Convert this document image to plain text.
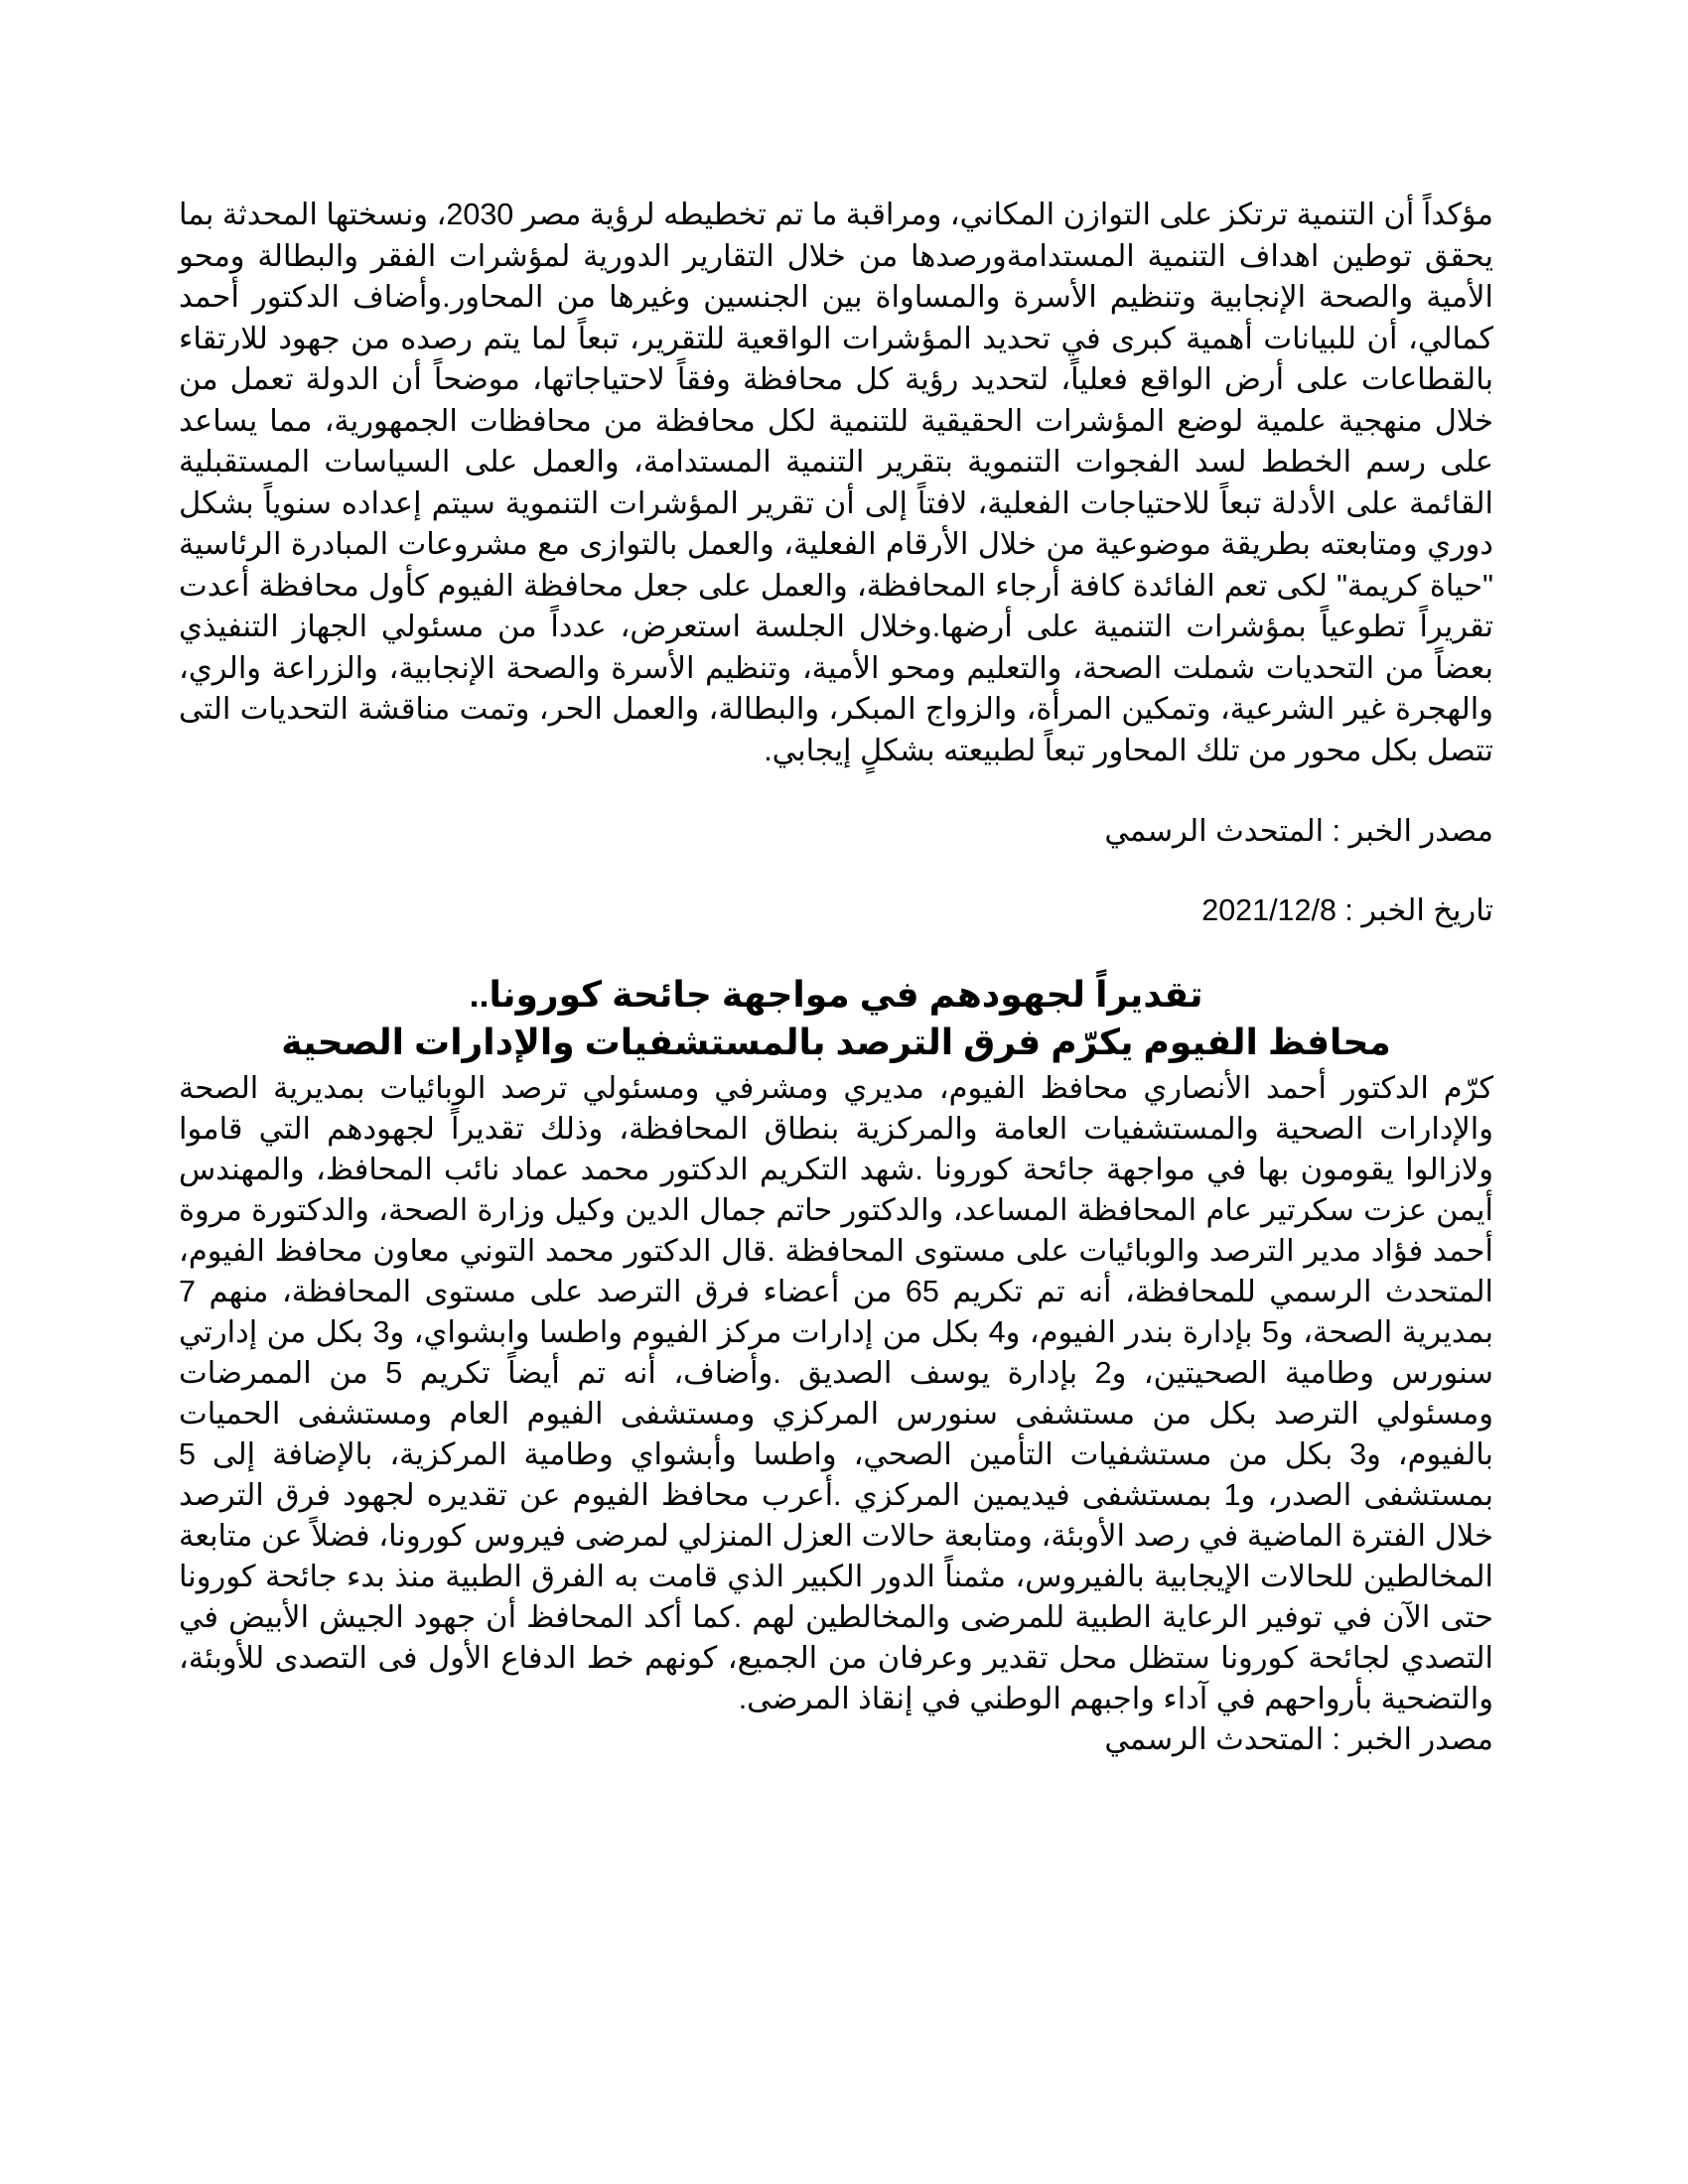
مؤكداً أن التنمية ترتكز على التوازن المكاني، ومراقبة ما تم تخطيطه لرؤية مصر 2030، ونسختها المحدثة بما يحقق توطين اهداف التنمية المستدامةورصدها من خلال التقارير الدورية لمؤشرات الفقر والبطالة ومحو الأمية والصحة الإنجابية وتنظيم الأسرة والمساواة بين الجنسين وغيرها من المحاور.وأضاف الدكتور أحمد كمالي، أن للبيانات أهمية كبرى في تحديد المؤشرات الواقعية للتقرير، تبعاً لما يتم رصده من جهود للارتقاء بالقطاعات على أرض الواقع فعلياً، لتحديد رؤية كل محافظة وفقاً لاحتياجاتها، موضحاً أن الدولة تعمل من خلال منهجية علمية لوضع المؤشرات الحقيقية للتنمية لكل محافظة من محافظات الجمهورية، مما يساعد على رسم الخطط لسد الفجوات التنموية بتقرير التنمية المستدامة، والعمل على السياسات المستقبلية القائمة على الأدلة تبعاً للاحتياجات الفعلية، لافتاً إلى أن تقرير المؤشرات التنموية سيتم إعداده سنوياً بشكل دوري ومتابعته بطريقة موضوعية من خلال الأرقام الفعلية، والعمل بالتوازى مع مشروعات المبادرة الرئاسية "حياة كريمة" لكى تعم الفائدة كافة أرجاء المحافظة، والعمل على جعل محافظة الفيوم كأول محافظة أعدت تقريراً تطوعياً بمؤشرات التنمية على أرضها.وخلال الجلسة استعرض، عدداً من مسئولي الجهاز التنفيذي بعضاً من التحديات شملت الصحة، والتعليم ومحو الأمية، وتنظيم الأسرة والصحة الإنجابية، والزراعة والري، والهجرة غير الشرعية، وتمكين المرأة، والزواج المبكر، والبطالة، والعمل الحر، وتمت مناقشة التحديات التى تتصل بكل محور من تلك المحاور تبعاً لطبيعته بشكلٍ إيجابي.

مصدر الخبر : المتحدث الرسمي

تاريخ الخبر : 2021/12/8

تقديراً لجهودهم في مواجهة جائحة كورونا..
محافظ الفيوم يكرّم فرق الترصد بالمستشفيات والإدارات الصحية

كرّم الدكتور أحمد الأنصاري محافظ الفيوم، مديري ومشرفي ومسئولي ترصد الوبائيات بمديرية الصحة والإدارات الصحية والمستشفيات العامة والمركزية بنطاق المحافظة، وذلك تقديراً لجهودهم التي قاموا ولازالوا يقومون بها في مواجهة جائحة كورونا .شهد التكريم الدكتور محمد عماد نائب المحافظ، والمهندس أيمن عزت سكرتير عام المحافظة المساعد، والدكتور حاتم جمال الدين وكيل وزارة الصحة، والدكتورة مروة أحمد فؤاد مدير الترصد والوبائيات على مستوى المحافظة .قال الدكتور محمد التوني معاون محافظ الفيوم، المتحدث الرسمي للمحافظة، أنه تم تكريم 65 من أعضاء فرق الترصد على مستوى المحافظة، منهم 7 بمديرية الصحة، و5 بإدارة بندر الفيوم، و4 بكل من إدارات مركز الفيوم واطسا وابشواي، و3 بكل من إدارتي سنورس وطامية الصحيتين، و2 بإدارة يوسف الصديق .وأضاف، أنه تم أيضاً تكريم 5 من الممرضات ومسئولي الترصد بكل من مستشفى سنورس المركزي ومستشفى الفيوم العام ومستشفى الحميات بالفيوم، و3 بكل من مستشفيات التأمين الصحي، واطسا وأبشواي وطامية المركزية، بالإضافة إلى 5 بمستشفى الصدر، و1 بمستشفى فيديمين المركزي .أعرب محافظ الفيوم عن تقديره لجهود فرق الترصد خلال الفترة الماضية في رصد الأوبئة، ومتابعة حالات العزل المنزلي لمرضى فيروس كورونا، فضلاً عن متابعة المخالطين للحالات الإيجابية بالفيروس، مثمناً الدور الكبير الذي قامت به الفرق الطبية منذ بدء جائحة كورونا حتى الآن في توفير الرعاية الطبية للمرضى والمخالطين لهم .كما أكد المحافظ أن جهود الجيش الأبيض في التصدي لجائحة كورونا ستظل محل تقدير وعرفان من الجميع، كونهم خط الدفاع الأول فى التصدى للأوبئة، والتضحية بأرواحهم في آداء واجبهم الوطني في إنقاذ المرضى.

مصدر الخبر : المتحدث الرسمي
